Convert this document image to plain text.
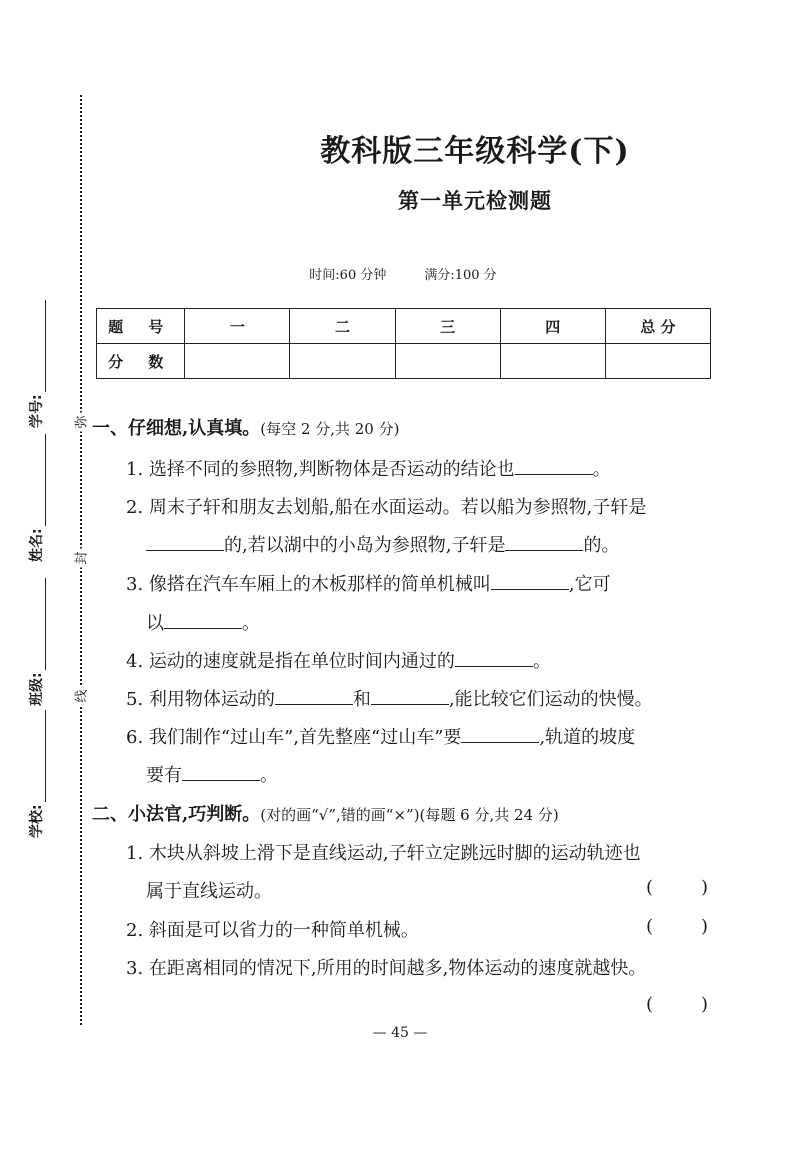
弥
封
线
学号:
姓名:
班级:
学校:
教科版三年级科学(下)
第一单元检测题
时间:60 分钟	满分:100 分
题 号	一	二	三	四	总 分
分 数					
一、仔细想,认真填。(每空 2 分,共 20 分)
1. 选择不同的参照物,判断物体是否运动的结论也	。
2. 周末子轩和朋友去划船,船在水面运动。若以船为参照物,子轩是
的,若以湖中的小岛为参照物,子轩是	的。
3. 像搭在汽车车厢上的木板那样的简单机械叫	,它可
以	。
4. 运动的速度就是指在单位时间内通过的	。
5. 利用物体运动的	和	,能比较它们运动的快慢。
6. 我们制作“过山车”,首先整座“过山车”要	,轨道的坡度
要有	。
二、小法官,巧判断。(对的画“√”,错的画“×”)(每题 6 分,共 24 分)
1. 木块从斜坡上滑下是直线运动,子轩立定跳远时脚的运动轨迹也
属于直线运动。	(	)
2. 斜面是可以省力的一种简单机械。	(	)
3. 在距离相同的情况下,所用的时间越多,物体运动的速度就越快。
(	)
— 45 —
